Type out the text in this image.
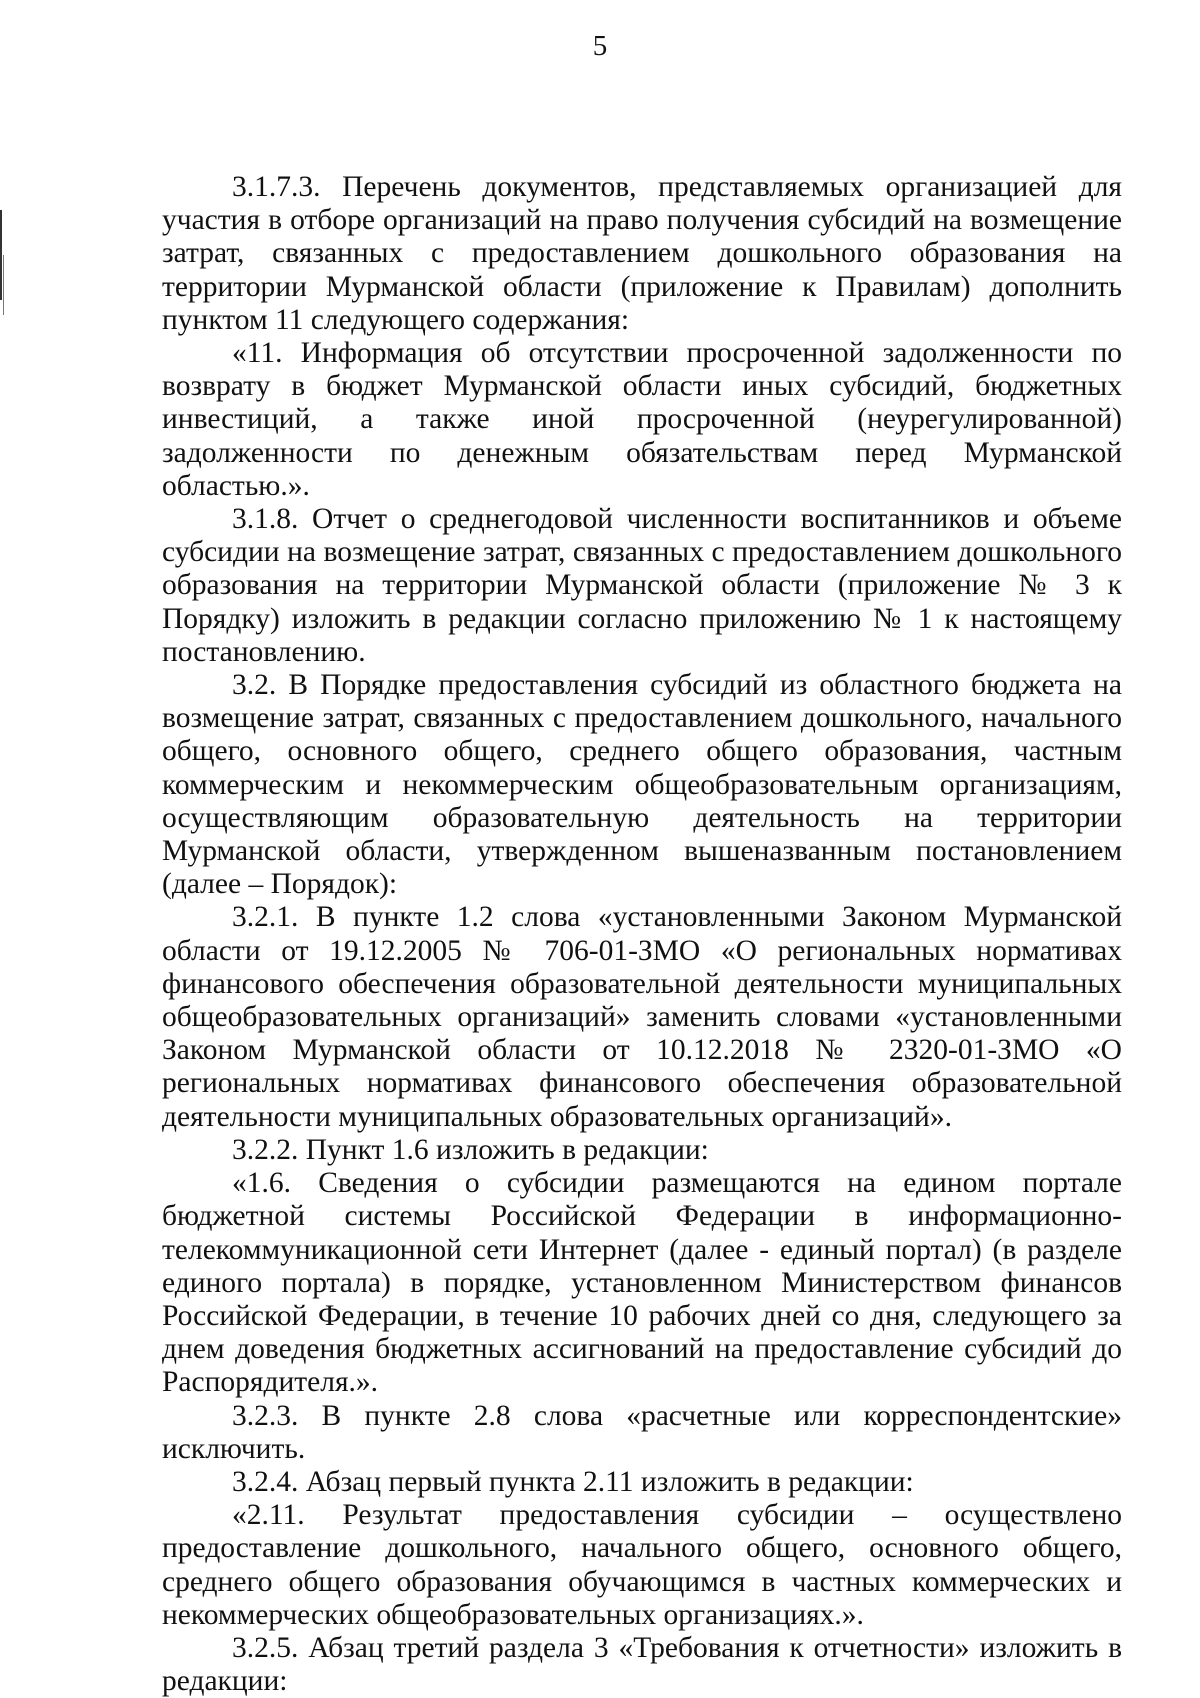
5

3.1.7.3. Перечень документов, представляемых организацией для участия в отборе организаций на право получения субсидий на возмещение затрат, связанных с предоставлением дошкольного образования на территории Мурманской области (приложение к Правилам) дополнить пунктом 11 следующего содержания:

«11. Информация об отсутствии просроченной задолженности по возврату в бюджет Мурманской области иных субсидий, бюджетных инвестиций, а также иной просроченной (неурегулированной) задолженности по денежным обязательствам перед Мурманской областью.».

3.1.8. Отчет о среднегодовой численности воспитанников и объеме субсидии на возмещение затрат, связанных с предоставлением дошкольного образования на территории Мурманской области (приложение № 3 к Порядку) изложить в редакции согласно приложению № 1 к настоящему постановлению.

3.2. В Порядке предоставления субсидий из областного бюджета на возмещение затрат, связанных с предоставлением дошкольного, начального общего, основного общего, среднего общего образования, частным коммерческим и некоммерческим общеобразовательным организациям, осуществляющим образовательную деятельность на территории Мурманской области, утвержденном вышеназванным постановлением (далее – Порядок):

3.2.1. В пункте 1.2 слова «установленными Законом Мурманской области от 19.12.2005 № 706-01-ЗМО «О региональных нормативах финансового обеспечения образовательной деятельности муниципальных общеобразовательных организаций» заменить словами «установленными Законом Мурманской области от 10.12.2018 № 2320-01-ЗМО «О региональных нормативах финансового обеспечения образовательной деятельности муниципальных образовательных организаций».

3.2.2. Пункт 1.6 изложить в редакции:

«1.6. Сведения о субсидии размещаются на едином портале бюджетной системы Российской Федерации в информационно-телекоммуникационной сети Интернет (далее - единый портал) (в разделе единого портала) в порядке, установленном Министерством финансов Российской Федерации, в течение 10 рабочих дней со дня, следующего за днем доведения бюджетных ассигнований на предоставление субсидий до Распорядителя.».

3.2.3. В пункте 2.8 слова «расчетные или корреспондентские» исключить.

3.2.4. Абзац первый пункта 2.11 изложить в редакции:

«2.11. Результат предоставления субсидии – осуществлено предоставление дошкольного, начального общего, основного общего, среднего общего образования обучающимся в частных коммерческих и некоммерческих общеобразовательных организациях.».

3.2.5. Абзац третий раздела 3 «Требования к отчетности» изложить в редакции:
